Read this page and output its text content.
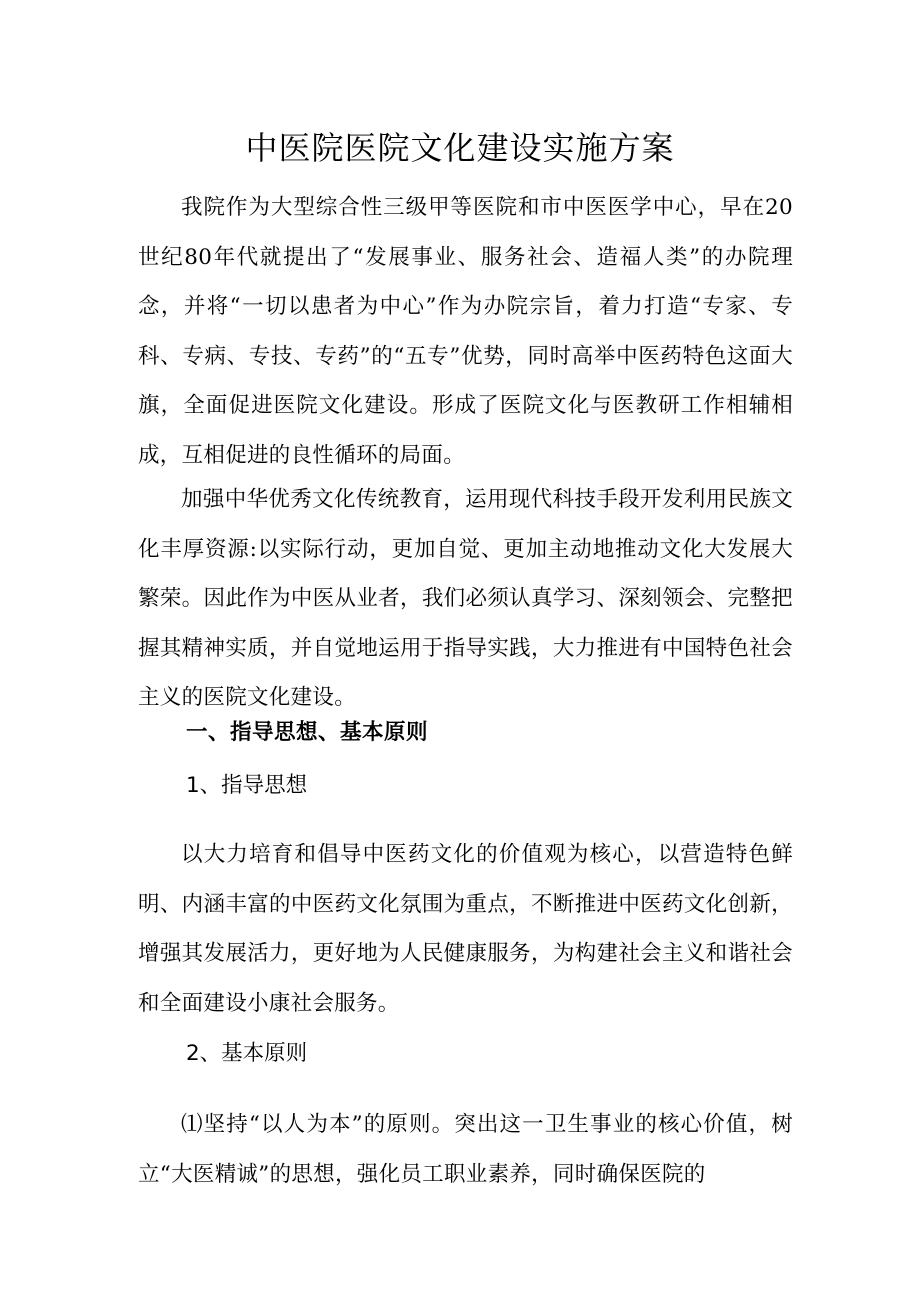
中医院医院文化建设实施方案

我院作为大型综合性三级甲等医院和市中医医学中心，早在20世纪80年代就提出了“发展事业、服务社会、造福人类”的办院理念，并将“一切以患者为中心”作为办院宗旨，着力打造“专家、专科、专病、专技、专药”的“五专”优势，同时高举中医药特色这面大旗，全面促进医院文化建设。形成了医院文化与医教研工作相辅相成，互相促进的良性循环的局面。

加强中华优秀文化传统教育，运用现代科技手段开发利用民族文化丰厚资源:以实际行动，更加自觉、更加主动地推动文化大发展大繁荣。因此作为中医从业者，我们必须认真学习、深刻领会、完整把握其精神实质，并自觉地运用于指导实践，大力推进有中国特色社会主义的医院文化建设。

一、指导思想、基本原则
1、指导思想

以大力培育和倡导中医药文化的价值观为核心，以营造特色鲜明、内涵丰富的中医药文化氛围为重点，不断推进中医药文化创新，增强其发展活力，更好地为人民健康服务，为构建社会主义和谐社会和全面建设小康社会服务。

2、基本原则

⑴坚持“以人为本”的原则。突出这一卫生事业的核心价值，树立“大医精诚”的思想，强化员工职业素养，同时确保医院的
